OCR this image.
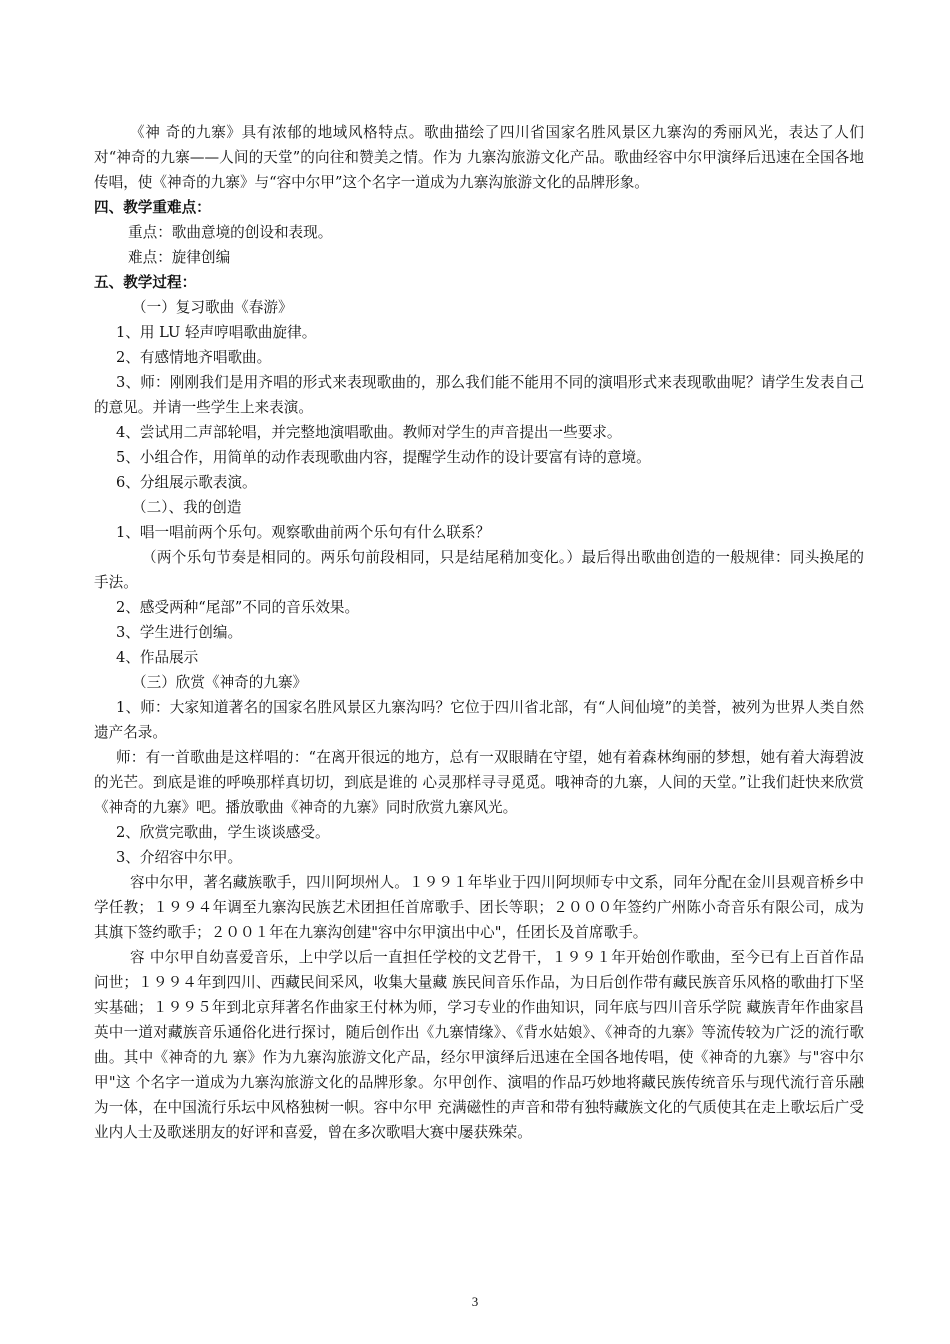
《神 奇的九寨》具有浓郁的地域风格特点。歌曲描绘了四川省国家名胜风景区九寨沟的秀丽风光，表达了人们对“神奇的九寨——人间的天堂”的向往和赞美之情。作为 九寨沟旅游文化产品。歌曲经容中尔甲演绎后迅速在全国各地传唱，使《神奇的九寨》与“容中尔甲”这个名字一道成为九寨沟旅游文化的品牌形象。

四、教学重难点：

重点：歌曲意境的创设和表现。

难点：旋律创编

五、教学过程：

（一）复习歌曲《春游》

1、用 LU 轻声哼唱歌曲旋律。

2、有感情地齐唱歌曲。

3、师：刚刚我们是用齐唱的形式来表现歌曲的，那么我们能不能用不同的演唱形式来表现歌曲呢？请学生发表自己的意见。并请一些学生上来表演。

4、尝试用二声部轮唱，并完整地演唱歌曲。教师对学生的声音提出一些要求。

5、小组合作，用简单的动作表现歌曲内容，提醒学生动作的设计要富有诗的意境。

6、分组展示歌表演。

（二）、我的创造

1、唱一唱前两个乐句。观察歌曲前两个乐句有什么联系？

（两个乐句节奏是相同的。两乐句前段相同，只是结尾稍加变化。）最后得出歌曲创造的一般规律：同头换尾的手法。

2、感受两种“尾部”不同的音乐效果。

3、学生进行创编。

4、作品展示

（三）欣赏《神奇的九寨》

1、师：大家知道著名的国家名胜风景区九寨沟吗？它位于四川省北部，有“人间仙境”的美誉，被列为世界人类自然遗产名录。

师：有一首歌曲是这样唱的：“在离开很远的地方，总有一双眼睛在守望，她有着森林绚丽的梦想，她有着大海碧波的光芒。到底是谁的呼唤那样真切切，到底是谁的 心灵那样寻寻觅觅。哦神奇的九寨，人间的天堂。”让我们赶快来欣赏《神奇的九寨》吧。播放歌曲《神奇的九寨》同时欣赏九寨风光。

2、欣赏完歌曲，学生谈谈感受。

3、介绍容中尔甲。

容中尔甲，著名藏族歌手，四川阿坝州人。１９９１年毕业于四川阿坝师专中文系，同年分配在金川县观音桥乡中学任教；１９９４年调至九寨沟民族艺术团担任首席歌手、团长等职；２０００年签约广州陈小奇音乐有限公司，成为其旗下签约歌手；２００１年在九寨沟创建"容中尔甲演出中心"，任团长及首席歌手。

容 中尔甲自幼喜爱音乐，上中学以后一直担任学校的文艺骨干，１９９１年开始创作歌曲，至今已有上百首作品问世；１９９４年到四川、西藏民间采风，收集大量藏 族民间音乐作品，为日后创作带有藏民族音乐风格的歌曲打下坚实基础；１９９５年到北京拜著名作曲家王付林为师，学习专业的作曲知识，同年底与四川音乐学院 藏族青年作曲家昌英中一道对藏族音乐通俗化进行探讨，随后创作出《九寨情缘》、《背水姑娘》、《神奇的九寨》等流传较为广泛的流行歌曲。其中《神奇的九 寨》作为九寨沟旅游文化产品，经尔甲演绎后迅速在全国各地传唱，使《神奇的九寨》与"容中尔甲"这 个名字一道成为九寨沟旅游文化的品牌形象。尔甲创作、演唱的作品巧妙地将藏民族传统音乐与现代流行音乐融为一体，在中国流行乐坛中风格独树一帜。容中尔甲 充满磁性的声音和带有独特藏族文化的气质使其在走上歌坛后广受业内人士及歌迷朋友的好评和喜爱，曾在多次歌唱大赛中屡获殊荣。

3
